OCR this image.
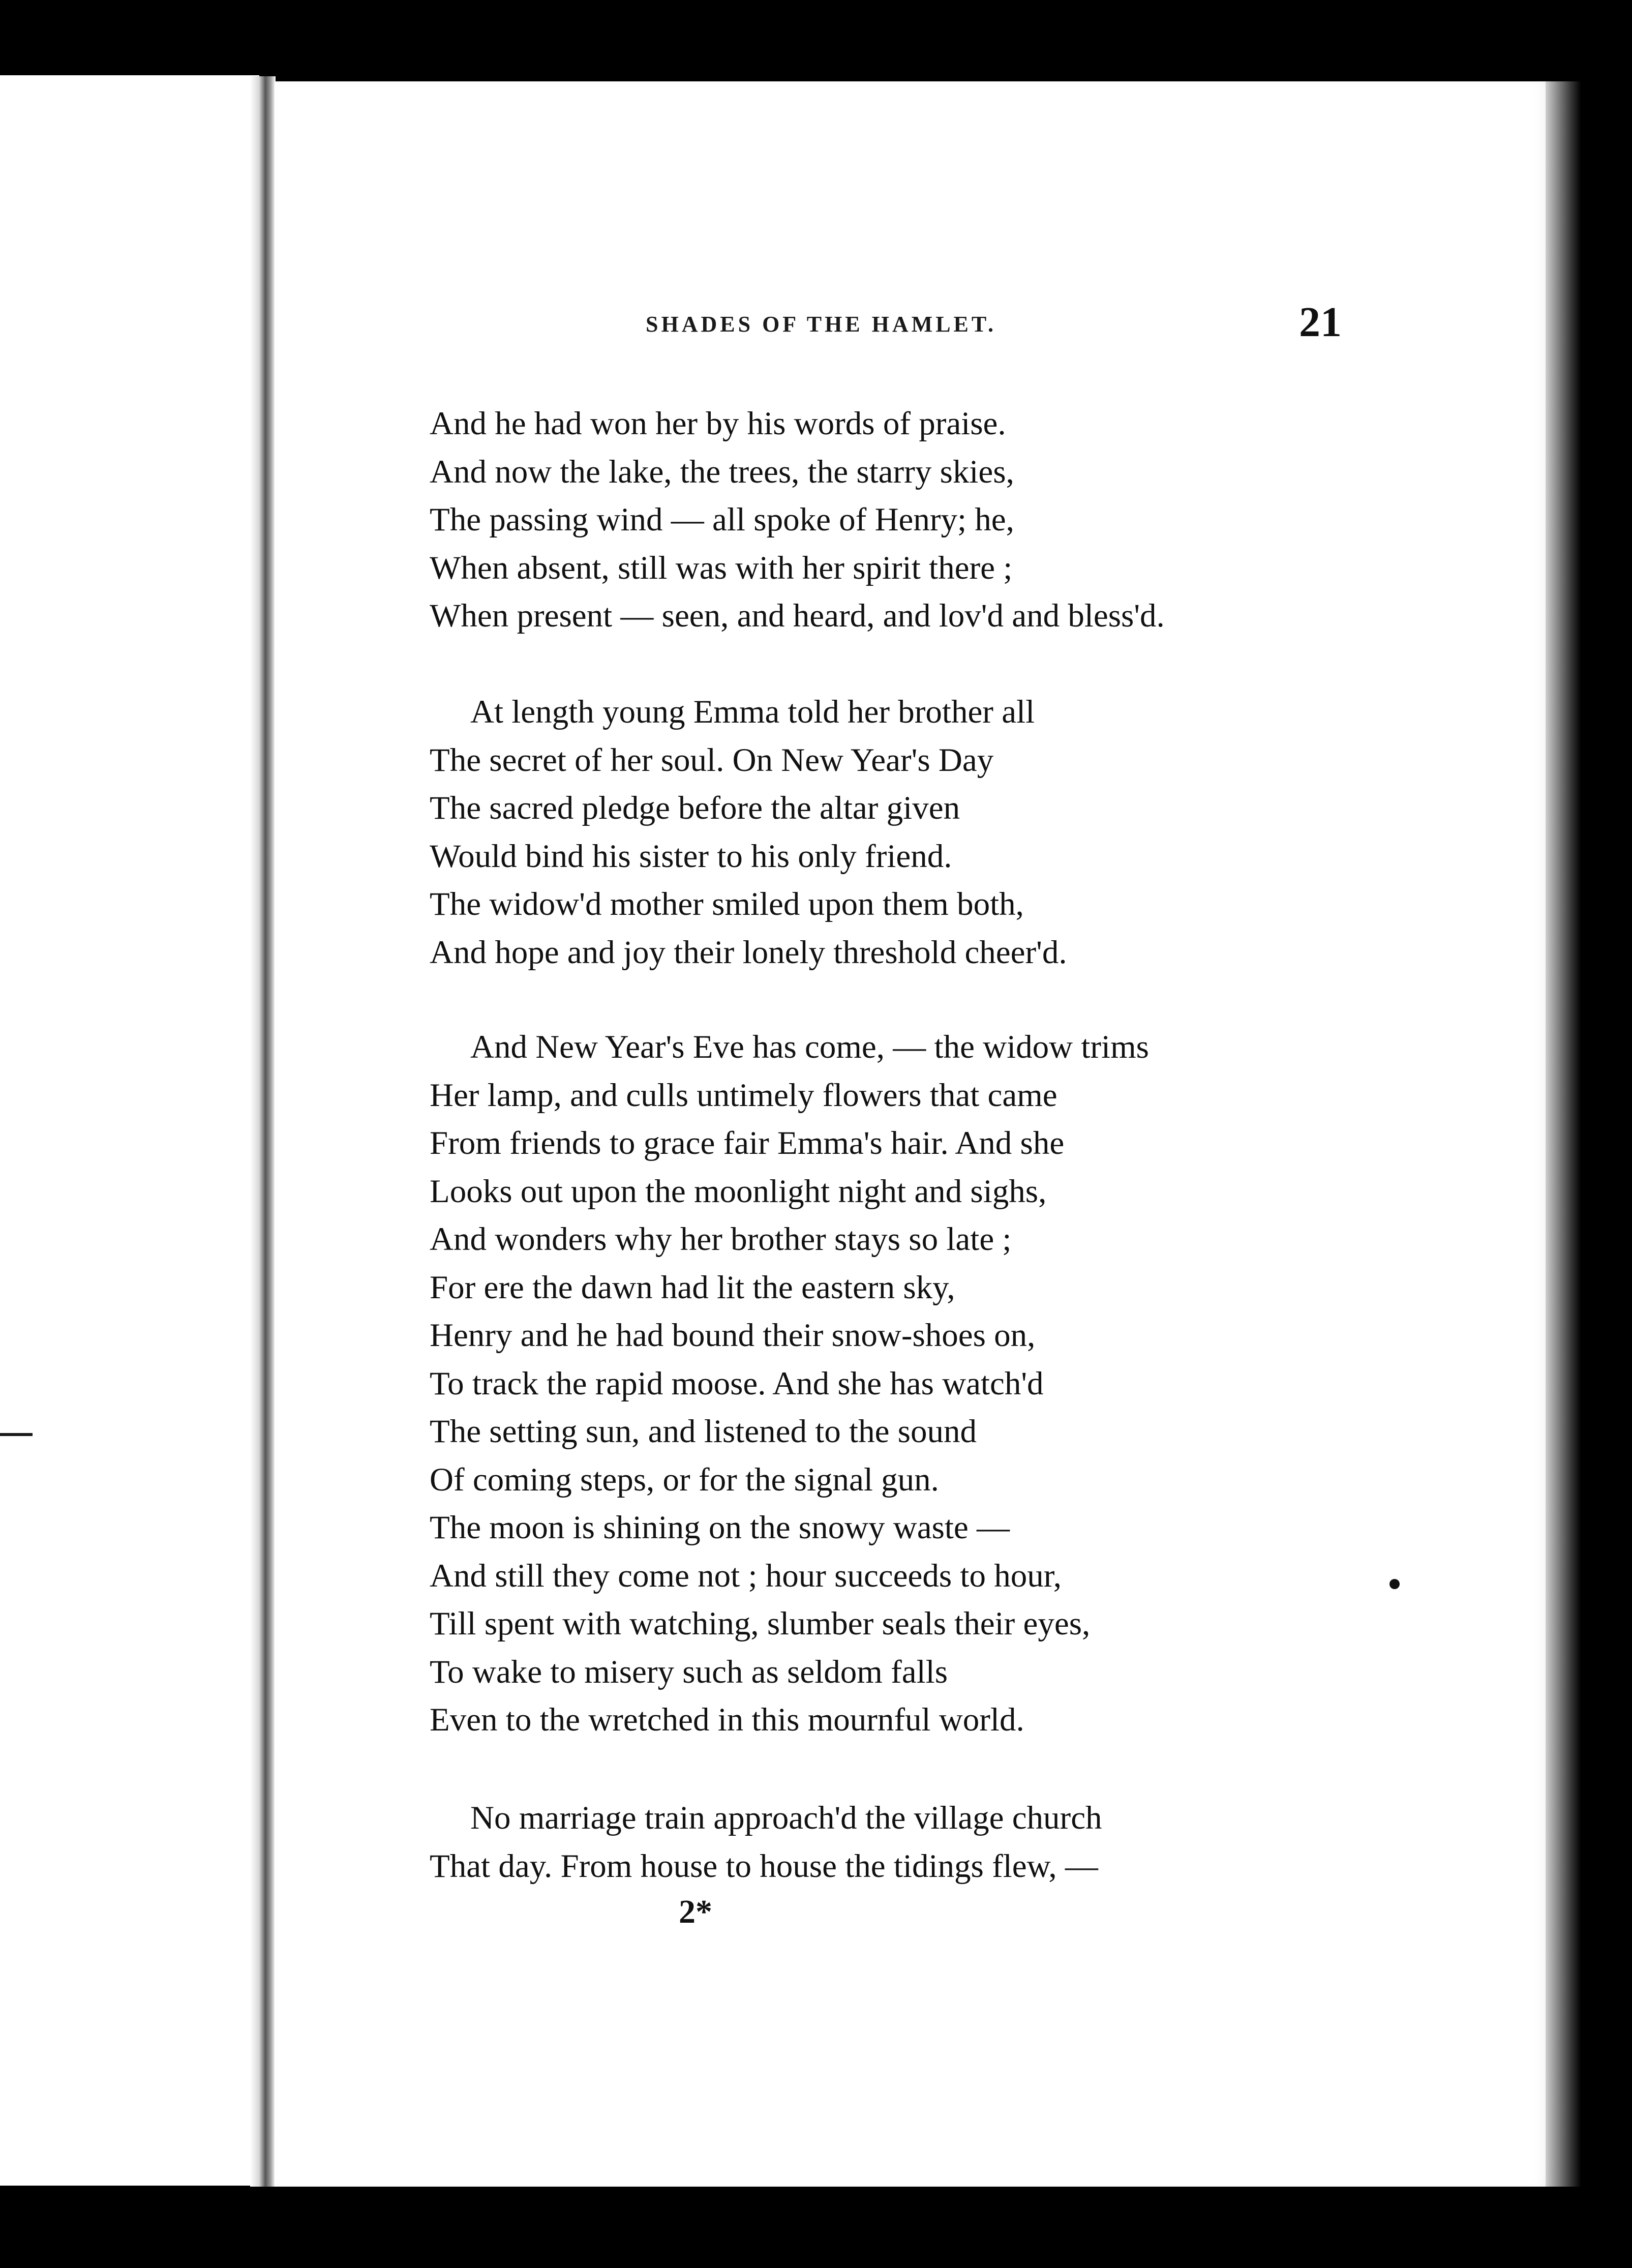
SHADES OF THE HAMLET.	21
And he had won her by his words of praise.
And now the lake, the trees, the starry skies,
The passing wind — all spoke of Henry; he,
When absent, still was with her spirit there ;
When present — seen, and heard, and lov'd and bless'd.
At length young Emma told her brother all
The secret of her soul. On New Year's Day
The sacred pledge before the altar given
Would bind his sister to his only friend.
The widow'd mother smiled upon them both,
And hope and joy their lonely threshold cheer'd.
And New Year's Eve has come, — the widow trims
Her lamp, and culls untimely flowers that came
From friends to grace fair Emma's hair. And she
Looks out upon the moonlight night and sighs,
And wonders why her brother stays so late ;
For ere the dawn had lit the eastern sky,
Henry and he had bound their snow-shoes on,
To track the rapid moose. And she has watch'd
The setting sun, and listened to the sound
Of coming steps, or for the signal gun.
The moon is shining on the snowy waste —
And still they come not ; hour succeeds to hour,
Till spent with watching, slumber seals their eyes,
To wake to misery such as seldom falls
Even to the wretched in this mournful world.
No marriage train approach'd the village church
That day. From house to house the tidings flew, —
2*
